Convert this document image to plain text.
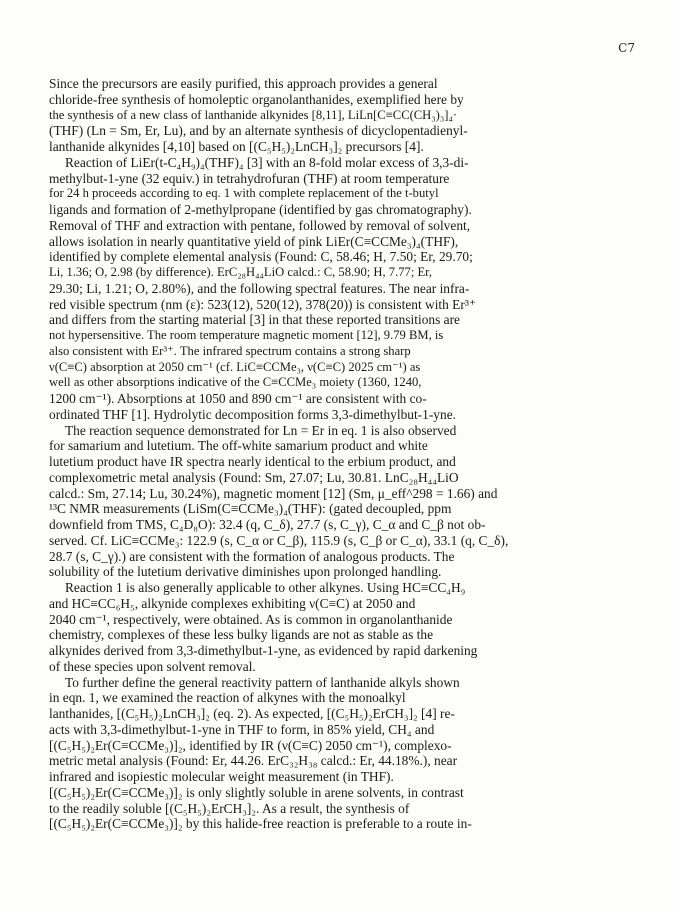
C7
Since the precursors are easily purified, this approach provides a general
chloride-free synthesis of homoleptic organolanthanides, exemplified here by
the synthesis of a new class of lanthanide alkynides [8,11], LiLn[C≡CC(CH₃)₃]₄·
(THF) (Ln = Sm, Er, Lu), and by an alternate synthesis of dicyclopentadienyl-
lanthanide alkynides [4,10] based on [(C₅H₅)₂LnCH₃]₂ precursors [4].
Reaction of LiEr(t-C₄H₉)₄(THF)₄ [3] with an 8-fold molar excess of 3,3-di-
methylbut-1-yne (32 equiv.) in tetrahydrofuran (THF) at room temperature
for 24 h proceeds according to eq. 1 with complete replacement of the t-butyl
ligands and formation of 2-methylpropane (identified by gas chromatography).
Removal of THF and extraction with pentane, followed by removal of solvent,
allows isolation in nearly quantitative yield of pink LiEr(C≡CCMe₃)₄(THF),
identified by complete elemental analysis (Found: C, 58.46; H, 7.50; Er, 29.70;
Li, 1.36; O, 2.98 (by difference). ErC₂₈H₄₄LiO calcd.: C, 58.90; H, 7.77; Er,
29.30; Li, 1.21; O, 2.80%), and the following spectral features. The near infra-
red visible spectrum (nm (ε): 523(12), 520(12), 378(20)) is consistent with Er³⁺
and differs from the starting material [3] in that these reported transitions are
not hypersensitive. The room temperature magnetic moment [12], 9.79 BM, is
also consistent with Er³⁺. The infrared spectrum contains a strong sharp
ν(C≡C) absorption at 2050 cm⁻¹ (cf. LiC≡CCMe₃, ν(C≡C) 2025 cm⁻¹) as
well as other absorptions indicative of the C≡CCMe₃ moiety (1360, 1240,
1200 cm⁻¹). Absorptions at 1050 and 890 cm⁻¹ are consistent with co-
ordinated THF [1]. Hydrolytic decomposition forms 3,3-dimethylbut-1-yne.
The reaction sequence demonstrated for Ln = Er in eq. 1 is also observed
for samarium and lutetium. The off-white samarium product and white
lutetium product have IR spectra nearly identical to the erbium product, and
complexometric metal analysis (Found: Sm, 27.07; Lu, 30.81. LnC₂₈H₄₄LiO
calcd.: Sm, 27.14; Lu, 30.24%), magnetic moment [12] (Sm, μ_eff^298 = 1.66) and
¹³C NMR measurements (LiSm(C≡CCMe₃)₄(THF): (gated decoupled, ppm
downfield from TMS, C₄D₈O): 32.4 (q, C_δ), 27.7 (s, C_γ), C_α and C_β not ob-
served. Cf. LiC≡CCMe₃: 122.9 (s, C_α or C_β), 115.9 (s, C_β or C_α), 33.1 (q, C_δ),
28.7 (s, C_γ).) are consistent with the formation of analogous products. The
solubility of the lutetium derivative diminishes upon prolonged handling.
Reaction 1 is also generally applicable to other alkynes. Using HC≡CC₄H₉
and HC≡CC₆H₅, alkynide complexes exhibiting ν(C≡C) at 2050 and
2040 cm⁻¹, respectively, were obtained. As is common in organolanthanide
chemistry, complexes of these less bulky ligands are not as stable as the
alkynides derived from 3,3-dimethylbut-1-yne, as evidenced by rapid darkening
of these species upon solvent removal.
To further define the general reactivity pattern of lanthanide alkyls shown
in eqn. 1, we examined the reaction of alkynes with the monoalkyl
lanthanides, [(C₅H₅)₂LnCH₃]₂ (eq. 2). As expected, [(C₅H₅)₂ErCH₃]₂ [4] re-
acts with 3,3-dimethylbut-1-yne in THF to form, in 85% yield, CH₄ and
[(C₅H₅)₂Er(C≡CCMe₃)]₂, identified by IR (ν(C≡C) 2050 cm⁻¹), complexo-
metric metal analysis (Found: Er, 44.26. ErC₃₂H₃₈ calcd.: Er, 44.18%.), near
infrared and isopiestic molecular weight measurement (in THF).
[(C₅H₅)₂Er(C≡CCMe₃)]₂ is only slightly soluble in arene solvents, in contrast
to the readily soluble [(C₅H₅)₂ErCH₃]₂. As a result, the synthesis of
[(C₅H₅)₂Er(C≡CCMe₃)]₂ by this halide-free reaction is preferable to a route in-
